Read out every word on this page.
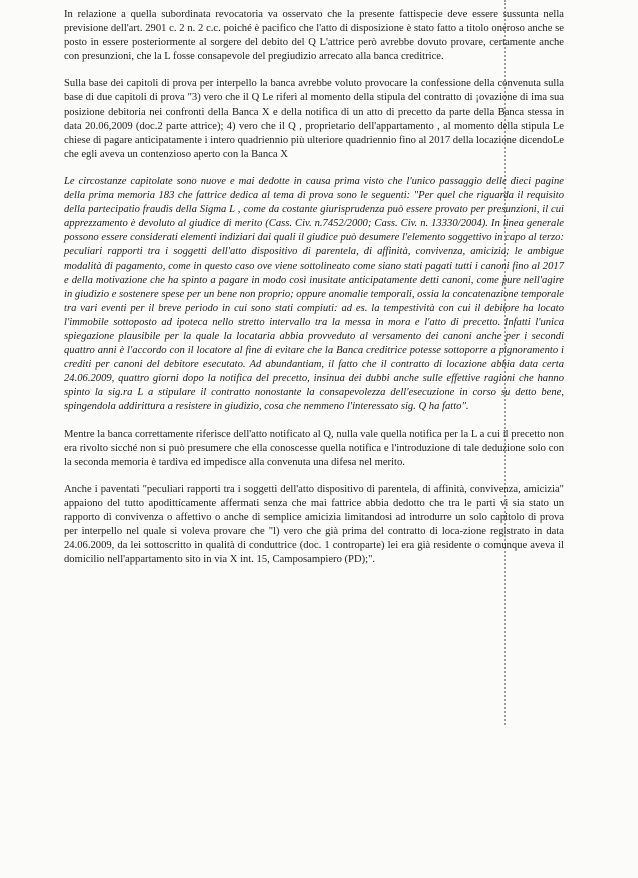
In relazione a quella subordinata revocatoria va osservato che la presente fattispecie deve essere sussunta nella previsione dell'art. 2901 c. 2 n. 2 c.c. poiché è pacifico che l'atto di disposizione è stato fatto a titolo oneroso anche se posto in essere posteriormente al sorgere del debito del Q L'attrice però avrebbe dovuto provare, certamente anche con presunzioni, che la L fosse consapevole del pregiudizio arrecato alla banca creditrice.

Sulla base dei capitoli di prova per interpello la banca avrebbe voluto provocare la confessione della convenuta sulla base di due capitoli di prova "3) vero che il Q Le riferì al momento della stipula del contratto di ¡ovazione di ima sua posizione debitoria nei confronti della Banca X e della notifica di un atto di precetto da parte della Banca stessa in data 20.06,2009 (doc.2 parte attrice); 4) vero che il Q , proprietario dell'appartamento , al momento della stipula Le chiese di pagare anticipatamente i intero quadriennio più ulteriore quadriennio fino al 2017 della locazione dicendoLe che egli aveva un contenzioso aperto con la Banca X

Le circostanze capitolate sono nuove e mai dedotte in causa prima visto che l'unico passaggio delle dieci pagine della prima memoria 183 che fattrice dedica al tema di prova sono le seguenti: "Per quel che riguarda il requisito della partecipatio fraudis della Sigma L , come da costante giurisprudenza può essere provato per presunzioni, il cui apprezzamento è devoluto al giudice di merito (Cass. Civ. n.7452/2000; Cass. Civ. n. 13330/2004). In linea generale possono essere considerati elementi indiziari dai quali il giudice può desumere l'elemento soggettivo in capo al terzo: peculiari rapporti tra i soggetti dell'atto dispositivo di parentela, di affinità, convivenza, amicizia; le ambigue modalità di pagamento, come in questo caso ove viene sottolineato come siano stati pagati tutti i canoni fino al 2017 e della motivazione che ha spinto a pagare in modo così inusitate anticipatamente detti canoni, come pure nell'agire in giudizio e sostenere spese per un bene non proprio; oppure anomalie temporali, ossia la concatenazione temporale tra vari eventi per il breve periodo in cui sono stati compiuti: ad es. la tempestività con cui il debitore ha locato l'immobile sottoposto ad ipoteca nello stretto intervallo tra la messa in mora e l'atto di precetto. Infatti l'unica spiegazione plausibile per la quale la locataria abbia provveduto al versamento dei canoni anche per i secondi quattro anni è l'accordo con il locatore al fine di evitare che la Banca creditrice potesse sottoporre a pignoramento i crediti per canoni del debitore esecutato. Ad abundantiam, il fatto che il contratto di locazione abbia data certa 24.06.2009, quattro giorni dopo la notifica del precetto, insinua dei dubbi anche sulle effettive ragioni che hanno spinto la sig.ra L a stipulare il contratto nonostante la consapevolezza dell'esecuzione in corso su detto bene, spingendola addirittura a resistere in giudizio, cosa che nemmeno l'interessato sig. Q ha fatto".

Mentre la banca correttamente riferisce dell'atto notificato al Q, nulla vale quella notifica per la L a cui il precetto non era rivolto sicché non si può presumere che ella conoscesse quella notifica e l'introduzione di tale deduzione solo con la seconda memoria è tardiva ed impedisce alla convenuta una difesa nel merito.

Anche i paventati "peculiari rapporti tra i soggetti dell'atto dispositivo di parentela, di affinità, convivenza, amicizia" appaiono del tutto apodittícamente affermati senza che mai fattrice abbia dedotto che tra le parti vi sia stato un rapporto di convivenza o affettivo o anche di semplice amicizia limitandosi ad introdurre un solo capitolo di prova per interpello nel quale si voleva provare che "l) vero che già prima del contratto di loca-zione registrato in data 24.06.2009, da lei sottoscritto in qualità di conduttrice (doc. 1 controparte) lei era già residente o comunque aveva il domicilio nell'appartamento sito in via X int. 15, Camposampiero (PD);".
